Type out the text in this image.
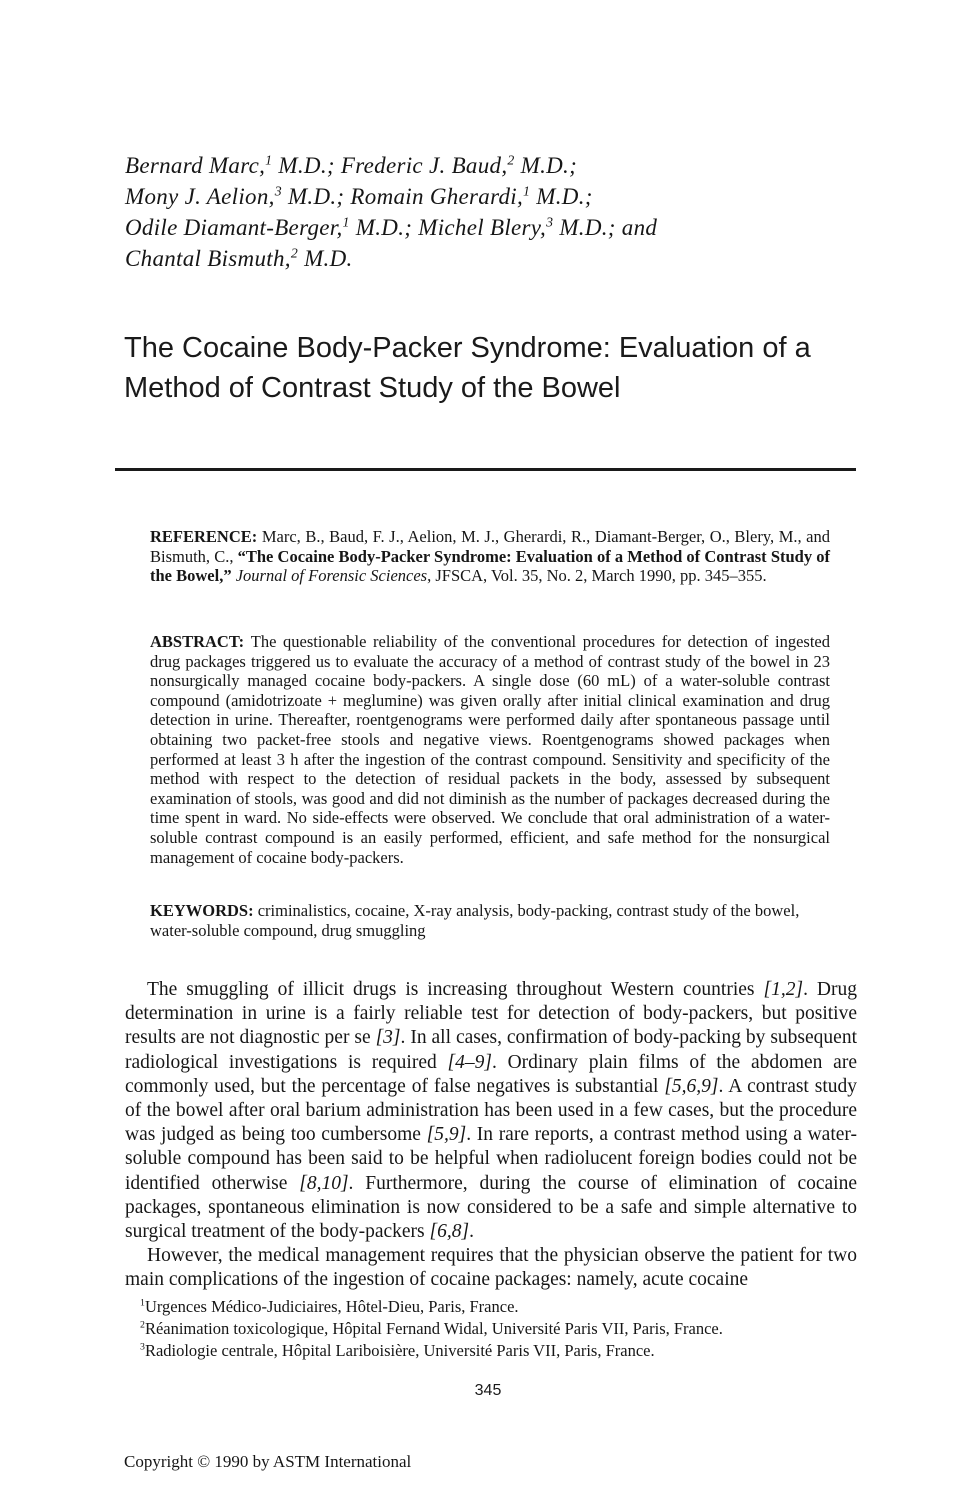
Bernard Marc,$^1$ M.D.; Frederic J. Baud,$^2$ M.D.;
Mony J. Aelion,$^3$ M.D.; Romain Gherardi,$^1$ M.D.;
Odile Diamant-Berger,$^1$ M.D.; Michel Blery,$^3$ M.D.; and
Chantal Bismuth,$^2$ M.D.
The Cocaine Body-Packer Syndrome: Evaluation of a
Method of Contrast Study of the Bowel

REFERENCE: Marc, B., Baud, F. J., Aelion, M. J., Gherardi, R., Diamant-Berger, O., Blery, M., and Bismuth, C., “The Cocaine Body-Packer Syndrome: Evaluation of a Method of Contrast Study of the Bowel,” Journal of Forensic Sciences, JFSCA, Vol. 35, No. 2, March 1990, pp. 345–355.

ABSTRACT: The questionable reliability of the conventional procedures for detection of ingested drug packages triggered us to evaluate the accuracy of a method of contrast study of the bowel in 23 nonsurgically managed cocaine body-packers. A single dose (60 mL) of a water-soluble contrast compound (amidotrizoate + meglumine) was given orally after initial clinical examination and drug detection in urine. Thereafter, roentgenograms were performed daily after spontaneous passage until obtaining two packet-free stools and negative views. Roentgenograms showed packages when performed at least 3 h after the ingestion of the contrast compound. Sensitivity and specificity of the method with respect to the detection of residual packets in the body, assessed by subsequent examination of stools, was good and did not diminish as the number of packages decreased during the time spent in ward. No side-effects were observed. We conclude that oral administration of a water-soluble contrast compound is an easily performed, efficient, and safe method for the nonsurgical management of cocaine body-packers.

KEYWORDS: criminalistics, cocaine, X-ray analysis, body-packing, contrast study of the bowel, water-soluble compound, drug smuggling

The smuggling of illicit drugs is increasing throughout Western countries [1,2]. Drug determination in urine is a fairly reliable test for detection of body-packers, but positive results are not diagnostic per se [3]. In all cases, confirmation of body-packing by subsequent radiological investigations is required [4–9]. Ordinary plain films of the abdomen are commonly used, but the percentage of false negatives is substantial [5,6,9]. A contrast study of the bowel after oral barium administration has been used in a few cases, but the procedure was judged as being too cumbersome [5,9]. In rare reports, a contrast method using a water-soluble compound has been said to be helpful when radiolucent foreign bodies could not be identified otherwise [8,10]. Furthermore, during the course of elimination of cocaine packages, spontaneous elimination is now considered to be a safe and simple alternative to surgical treatment of the body-packers [6,8].

However, the medical management requires that the physician observe the patient for two main complications of the ingestion of cocaine packages: namely, acute cocaine

$^1$Urgences Médico-Judiciaires, Hôtel-Dieu, Paris, France.
$^2$Réanimation toxicologique, Hôpital Fernand Widal, Université Paris VII, Paris, France.
$^3$Radiologie centrale, Hôpital Lariboisière, Université Paris VII, Paris, France.
345
Copyright © 1990 by ASTM International
